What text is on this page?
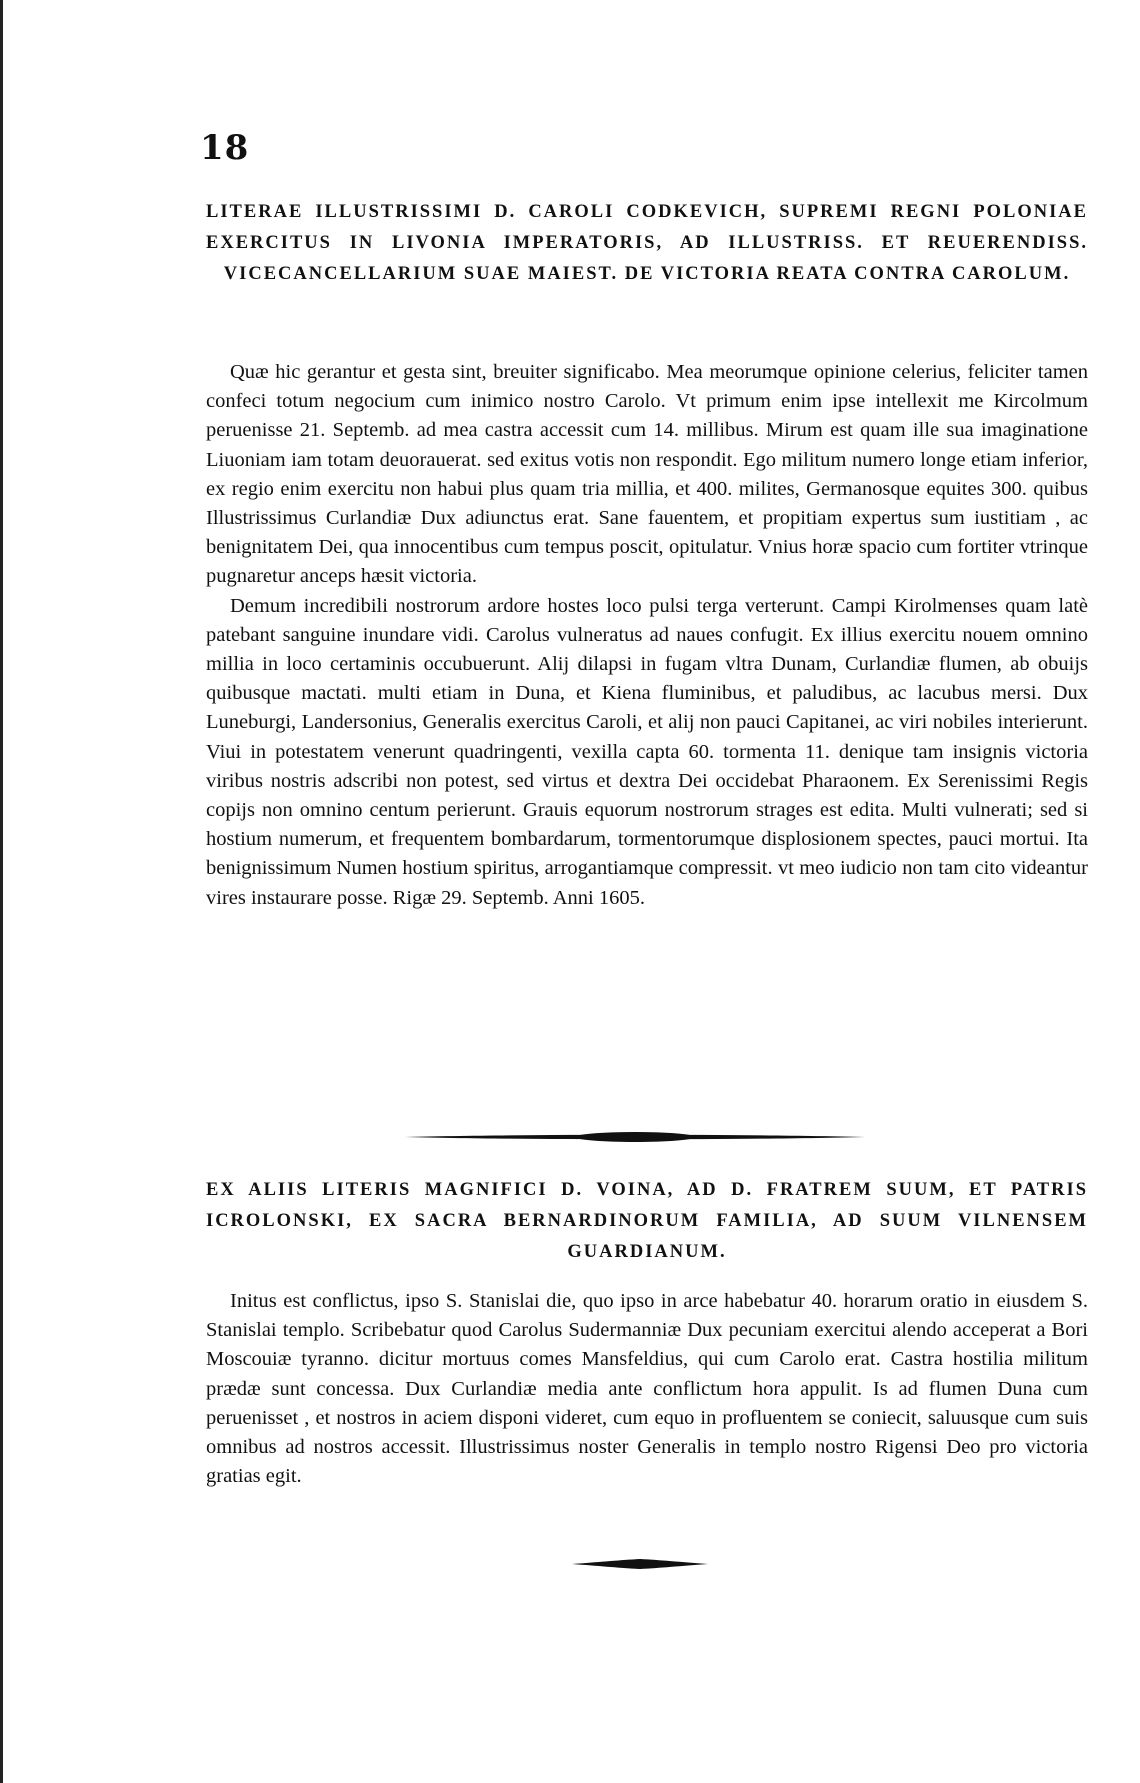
18
LITERAE ILLUSTRISSIMI D. CAROLI CODKEVICH, SUPREMI REGNI POLONIAE EXERCITUS IN LIVONIA IMPERATORIS, AD ILLUSTRISS. ET REUERENDISS. VICECANCELLARIUM SUAE MAIEST. DE VICTORIA REATA CONTRA CAROLUM.

Quæ hic gerantur et gesta sint, breuiter significabo. Mea meorumque opinione celerius, feliciter tamen confeci totum negocium cum inimico nostro Carolo. Vt primum enim ipse intellexit me Kircolmum peruenisse 21. Septemb. ad mea castra accessit cum 14. millibus. Mirum est quam ille sua imaginatione Liuoniam iam totam deuorauerat. sed exitus votis non respondit. Ego militum numero longe etiam inferior, ex regio enim exercitu non habui plus quam tria millia, et 400. milites, Germanosque equites 300. quibus Illustrissimus Curlandiæ Dux adiunctus erat. Sane fauentem, et propitiam expertus sum iustitiam , ac benignitatem Dei, qua innocentibus cum tempus poscit, opitulatur. Vnius horæ spacio cum fortiter vtrinque pugnaretur anceps hæsit victoria.

Demum incredibili nostrorum ardore hostes loco pulsi terga verterunt. Campi Kirolmenses quam latè patebant sanguine inundare vidi. Carolus vulneratus ad naues confugit. Ex illius exercitu nouem omnino millia in loco certaminis occubuerunt. Alij dilapsi in fugam vltra Dunam, Curlandiæ flumen, ab obuijs quibusque mactati. multi etiam in Duna, et Kiena fluminibus, et paludibus, ac lacubus mersi. Dux Luneburgi, Landersonius, Generalis exercitus Caroli, et alij non pauci Capitanei, ac viri nobiles interierunt. Viui in potestatem venerunt quadringenti, vexilla capta 60. tormenta 11. denique tam insignis victoria viribus nostris adscribi non potest, sed virtus et dextra Dei occidebat Pharaonem. Ex Serenissimi Regis copijs non omnino centum perierunt. Grauis equorum nostrorum strages est edita. Multi vulnerati; sed si hostium numerum, et frequentem bombardarum, tormentorumque displosionem spectes, pauci mortui. Ita benignissimum Numen hostium spiritus, arrogantiamque compressit. vt meo iudicio non tam cito videantur vires instaurare posse. Rigæ 29. Septemb. Anni 1605.

EX ALIIS LITERIS MAGNIFICI D. VOINA, AD D. FRATREM SUUM, ET PATRIS ICROLONSKI, EX SACRA BERNARDINORUM FAMILIA, AD SUUM VILNENSEM GUARDIANUM.

Initus est conflictus, ipso S. Stanislai die, quo ipso in arce habebatur 40. horarum oratio in eiusdem S. Stanislai templo. Scribebatur quod Carolus Sudermanniæ Dux pecuniam exercitui alendo acceperat a Bori Moscouiæ tyranno. dicitur mortuus comes Mansfeldius, qui cum Carolo erat. Castra hostilia militum prædæ sunt concessa. Dux Curlandiæ media ante conflictum hora appulit. Is ad flumen Duna cum peruenisset , et nostros in aciem disponi videret, cum equo in profluentem se coniecit, saluusque cum suis omnibus ad nostros accessit. Illustrissimus noster Generalis in templo nostro Rigensi Deo pro victoria gratias egit.
